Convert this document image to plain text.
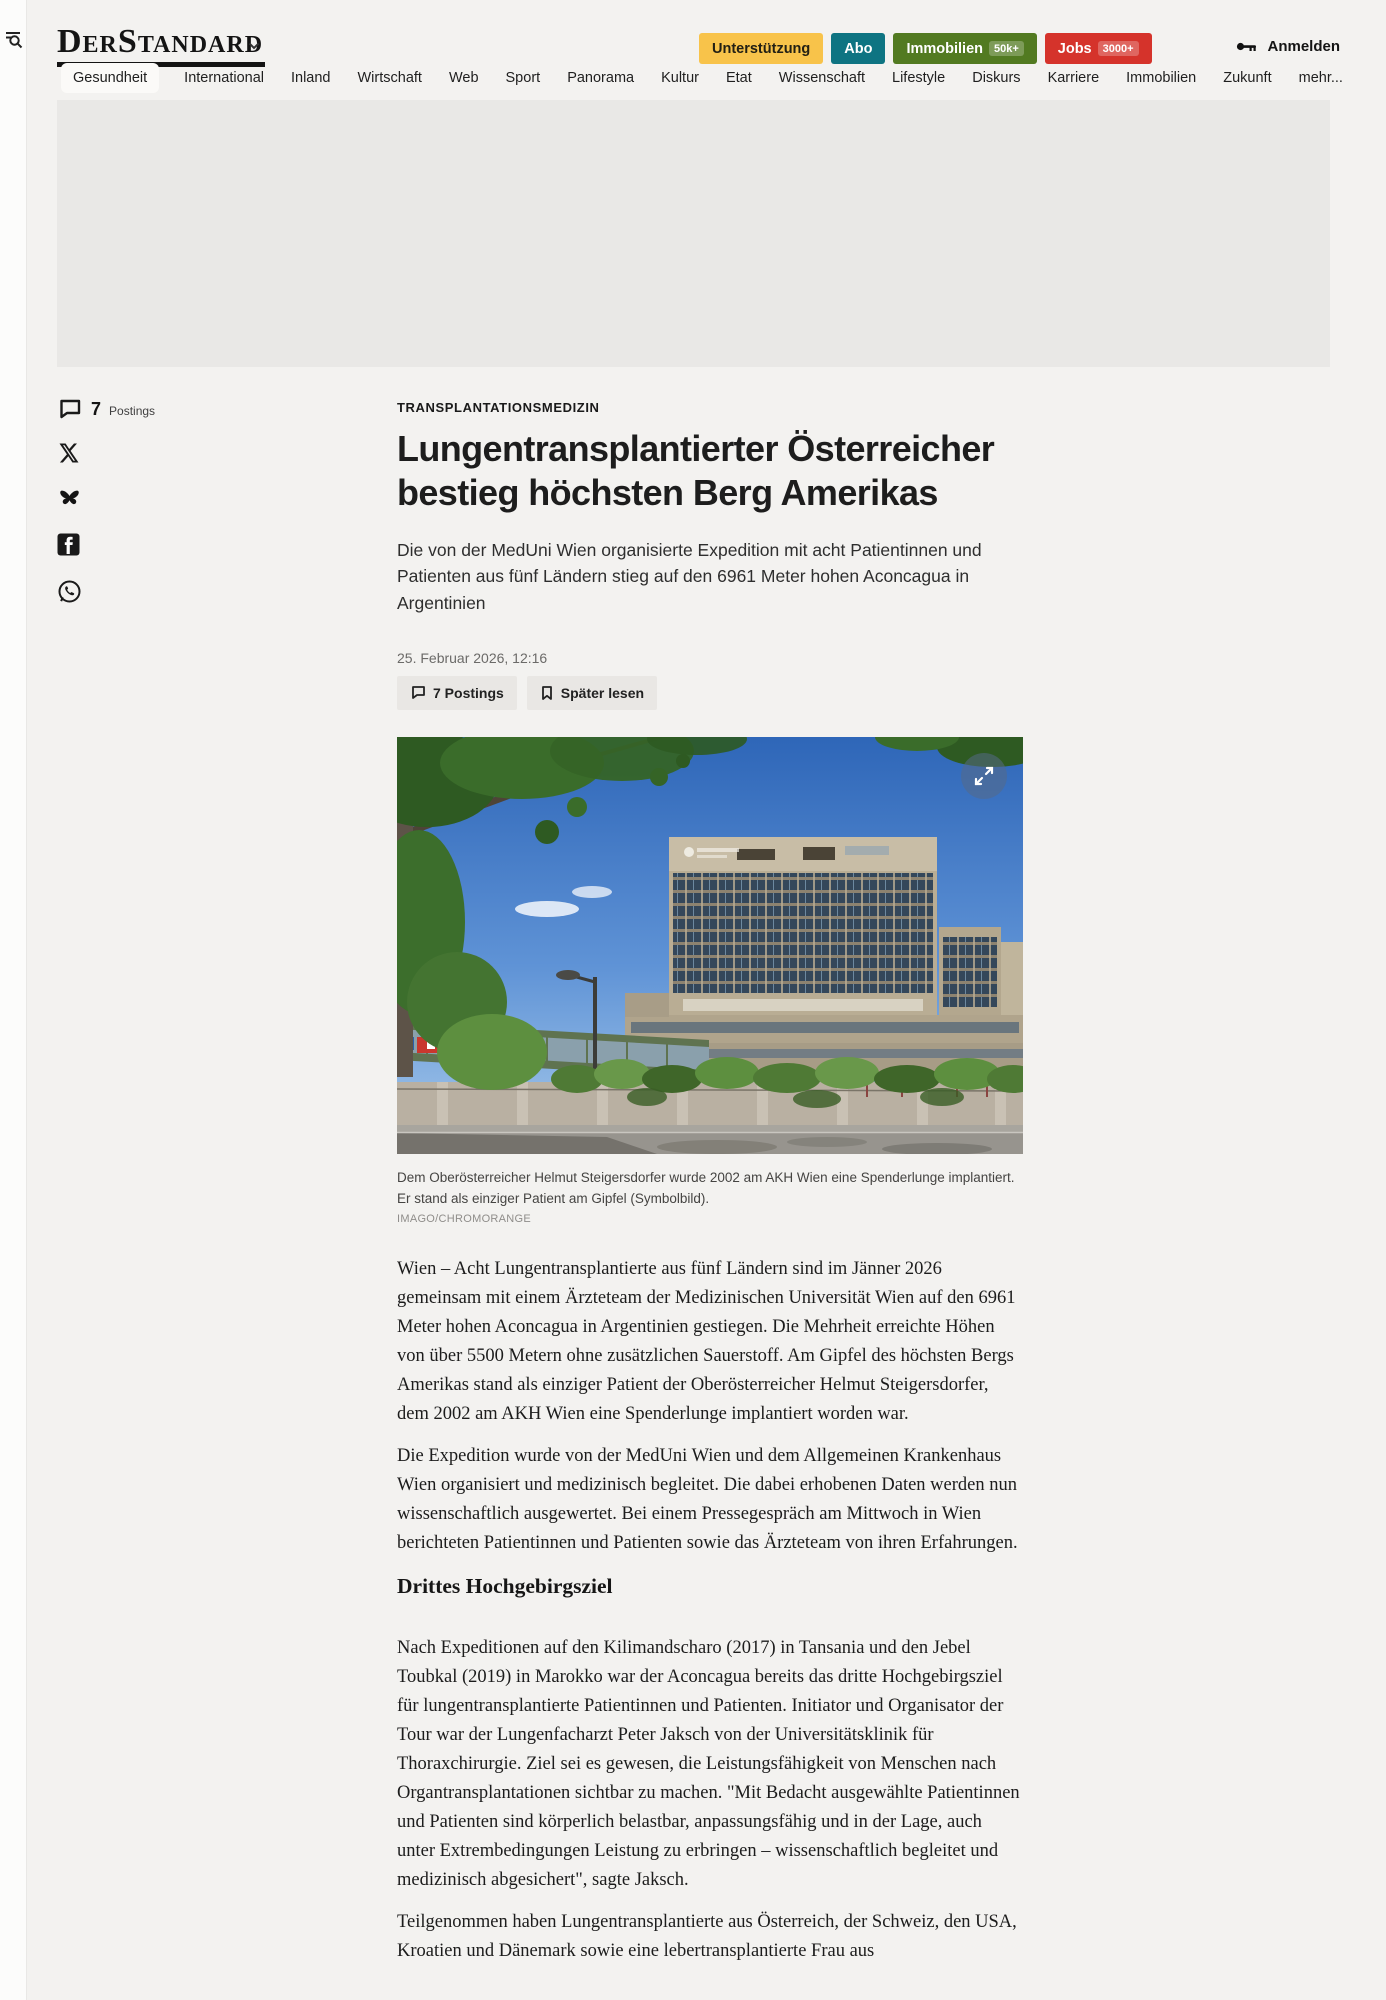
DerStandard	Unterstützung Abo Immobilien	50k+	Jobs	3000+	Anmelden
Gesundheit	International Inland Wirtschaft Web Sport Panorama Kultur Etat Wissenschaft Lifestyle Diskurs Karriere Immobilien Zukunft mehr...
7 Postings	TRANSPLANTATIONSMEDIZIN
Lungentransplantierter Österreicher bestieg höchsten Berg Amerikas
Die von der MedUni Wien organisierte Expedition mit acht Patientinnen und Patienten aus fünf Ländern stieg auf den 6961 Meter hohen Aconcagua in Argentinien
25. Februar 2026, 12:16
7 Postings	Später lesen
Dem Oberösterreicher Helmut Steigersdorfer wurde 2002 am AKH Wien eine Spenderlunge implantiert. Er stand als einziger Patient am Gipfel (Symbolbild).
IMAGO/CHROMORANGE

Wien – Acht Lungentransplantierte aus fünf Ländern sind im Jänner 2026 gemeinsam mit einem Ärzteteam der Medizinischen Universität Wien auf den 6961 Meter hohen Aconcagua in Argentinien gestiegen. Die Mehrheit erreichte Höhen von über 5500 Metern ohne zusätzlichen Sauerstoff. Am Gipfel des höchsten Bergs Amerikas stand als einziger Patient der Oberösterreicher Helmut Steigersdorfer, dem 2002 am AKH Wien eine Spenderlunge implantiert worden war.

Die Expedition wurde von der MedUni Wien und dem Allgemeinen Krankenhaus Wien organisiert und medizinisch begleitet. Die dabei erhobenen Daten werden nun wissenschaftlich ausgewertet. Bei einem Pressegespräch am Mittwoch in Wien berichteten Patientinnen und Patienten sowie das Ärzteteam von ihren Erfahrungen.

Drittes Hochgebirgsziel

Nach Expeditionen auf den Kilimandscharo (2017) in Tansania und den Jebel Toubkal (2019) in Marokko war der Aconcagua bereits das dritte Hochgebirgsziel für lungentransplantierte Patientinnen und Patienten. Initiator und Organisator der Tour war der Lungenfacharzt Peter Jaksch von der Universitätsklinik für Thoraxchirurgie. Ziel sei es gewesen, die Leistungsfähigkeit von Menschen nach Organtransplantationen sichtbar zu machen. "Mit Bedacht ausgewählte Patientinnen und Patienten sind körperlich belastbar, anpassungsfähig und in der Lage, auch unter Extrembedingungen Leistung zu erbringen – wissenschaftlich begleitet und medizinisch abgesichert", sagte Jaksch.

Teilgenommen haben Lungentransplantierte aus Österreich, der Schweiz, den USA, Kroatien und Dänemark sowie eine lebertransplantierte Frau aus
